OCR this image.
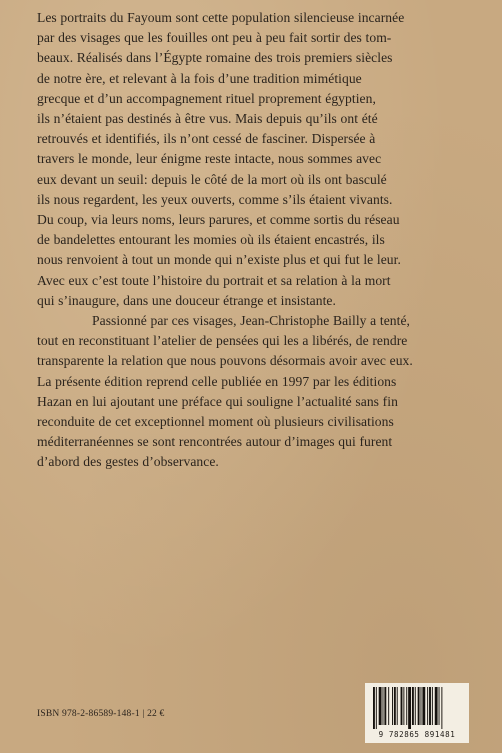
Les portraits du Fayoum sont cette population silencieuse incarnée
par des visages que les fouilles ont peu à peu fait sortir des tom-
beaux. Réalisés dans l’Égypte romaine des trois premiers siècles
de notre ère, et relevant à la fois d’une tradition mimétique
grecque et d’un accompagnement rituel proprement égyptien,
ils n’étaient pas destinés à être vus. Mais depuis qu’ils ont été
retrouvés et identifiés, ils n’ont cessé de fasciner. Dispersée à
travers le monde, leur énigme reste intacte, nous sommes avec
eux devant un seuil: depuis le côté de la mort où ils ont basculé
ils nous regardent, les yeux ouverts, comme s’ils étaient vivants.
Du coup, via leurs noms, leurs parures, et comme sortis du réseau
de bandelettes entourant les momies où ils étaient encastrés, ils
nous renvoient à tout un monde qui n’existe plus et qui fut le leur.
Avec eux c’est toute l’histoire du portrait et sa relation à la mort
qui s’inaugure, dans une douceur étrange et insistante.
Passionné par ces visages, Jean-Christophe Bailly a tenté,
tout en reconstituant l’atelier de pensées qui les a libérés, de rendre
transparente la relation que nous pouvons désormais avoir avec eux.
La présente édition reprend celle publiée en 1997 par les éditions
Hazan en lui ajoutant une préface qui souligne l’actualité sans fin
reconduite de cet exceptionnel moment où plusieurs civilisations
méditerranéennes se sont rencontrées autour d’images qui furent
d’abord des gestes d’observance.
ISBN 978-2-86589-148-1 | 22 €
9 782865 891481
